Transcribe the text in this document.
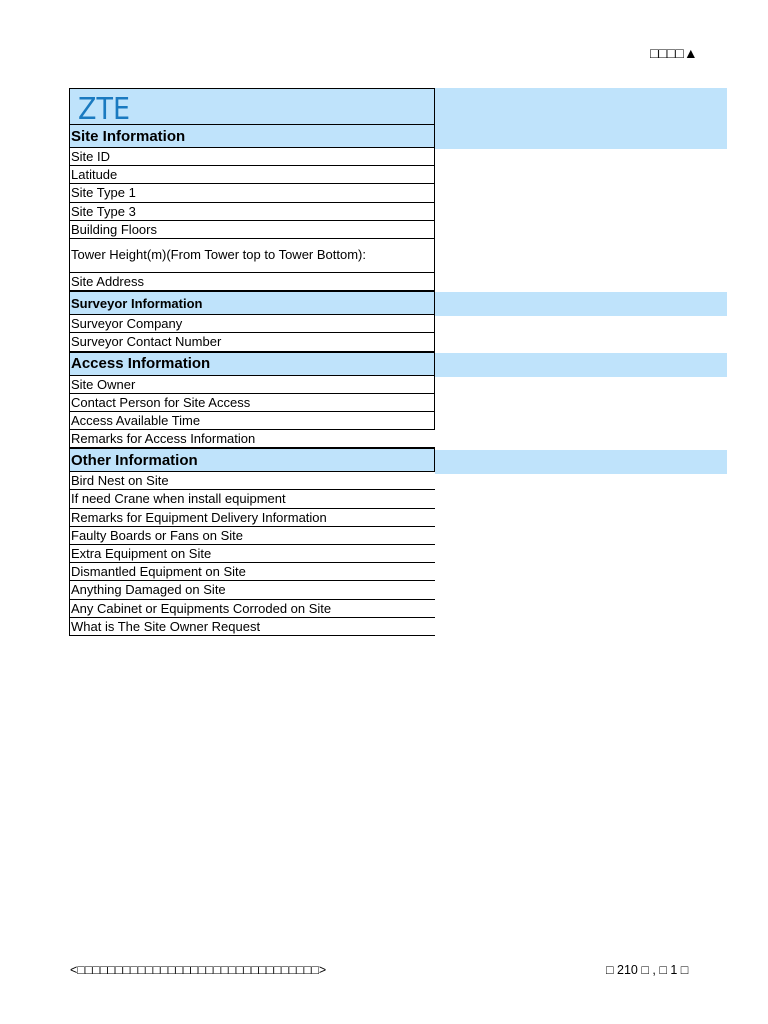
□□□□▲
ZTE
Site Information
Site ID
Latitude
Site Type 1
Site Type 3
Building Floors
Tower Height(m)(From Tower top to Tower Bottom):
Site Address
Surveyor Information
Surveyor Company
Surveyor Contact Number
Access Information
Site Owner
Contact Person for Site Access
Access Available Time
Remarks for Access Information
Other Information
Bird Nest on Site
If need Crane when install equipment
Remarks for Equipment Delivery Information
Faulty Boards or Fans on Site
Extra Equipment on Site
Dismantled Equipment on Site
Anything Damaged on Site
Any Cabinet or Equipments Corroded on Site
What is The Site Owner Request
<□□□□□□□□□□□□□□□□□□□□□□□□□□□□□□□□>	□ 210 □ , □ 1 □
